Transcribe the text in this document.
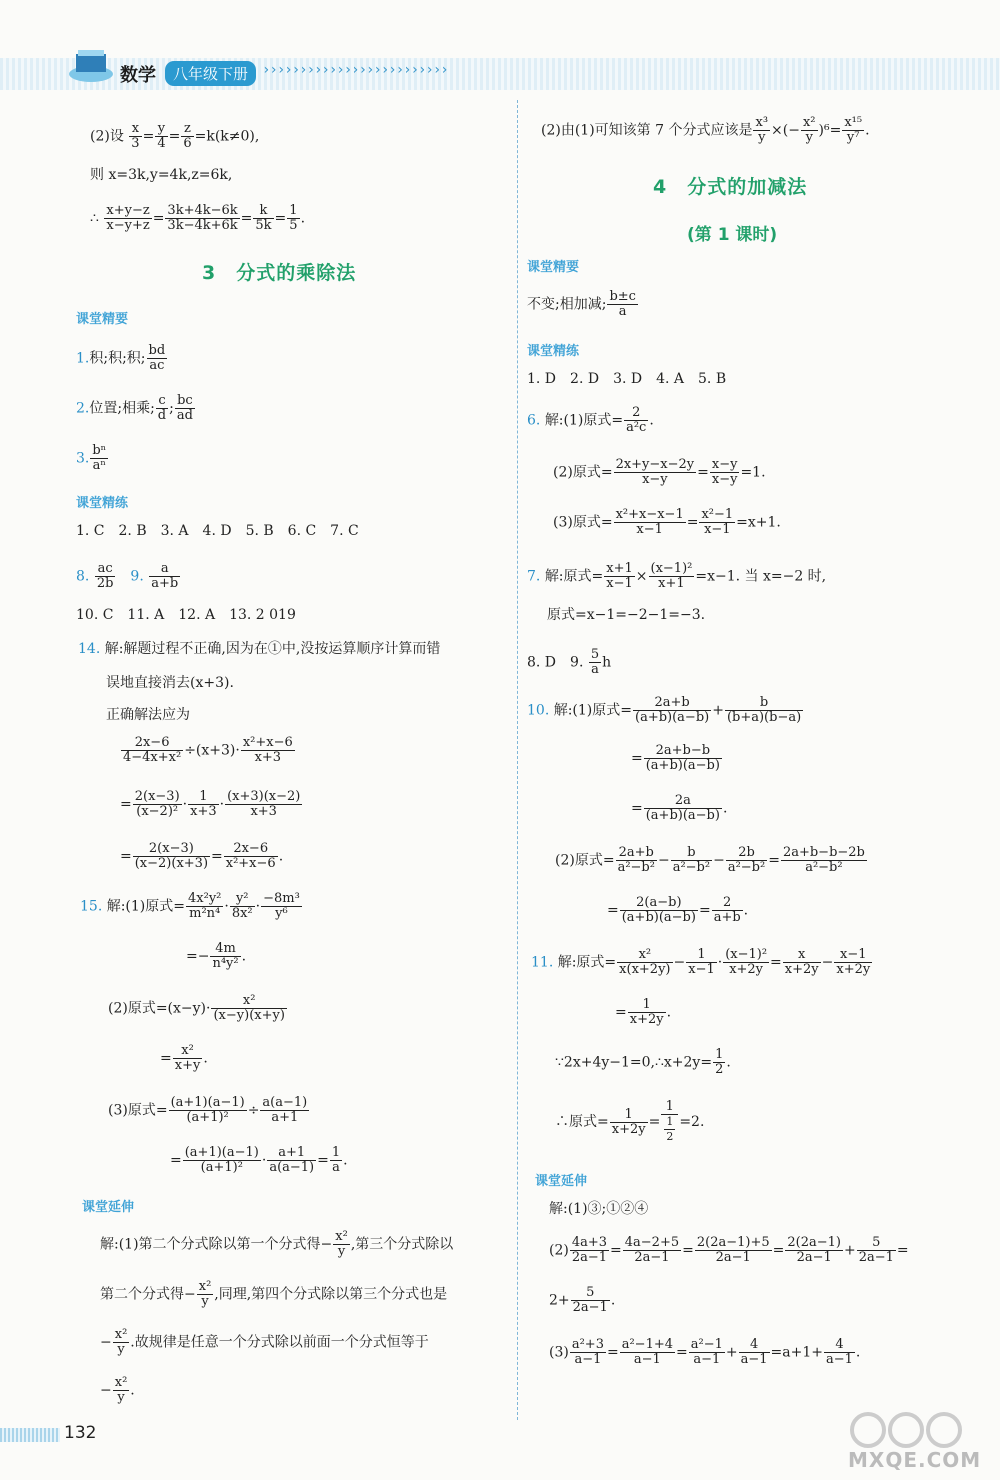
数学	八年级下册 ›››››››››››››››››››››››››
(2)设 $\frac{x}{3} = \frac{y}{4} = \frac{z}{6} =k(k\ne 0)$,
则 x=3k,y=4k,z=6k,
∴ $\frac{x+y-z}{x-y+z} = \frac{3k+4k-6k}{3k-4k+6k} = \frac{k}{5k} = \frac{1}{5}$ .
3　分式的乘除法
课堂精要
1.积;积;积; $\frac{bd}{ac}$
2.位置;相乘; $\frac{c}{d}$ ; $\frac{bc}{ad}$
3. $\frac{\text{bⁿ}}{\text{aⁿ}}$
课堂精练
1. C　2. B　3. A　4. D　5. B　6. C　7. C
8. $\frac{ac}{2b}$
　 9. $\frac{a}{a+b}$
10. C　11. A　12. A　13. 2 019
14. 解:解题过程不正确,因为在①中,没按运算顺序计算而错
误地直接消去(x+3).
正确解法应为
$\frac{2x-6}{\text{4−4x+x²}} \div(x+3)\cdot \frac{\text{x²+x−6}}{x+3}$
= $\frac{2(x-3)}{\text{(x−2)²}} \cdot \frac{1}{x+3} \cdot \frac{(x+3)(x-2)}{x+3}$
= $\frac{2(x-3)}{(x-2)(x+3)} = \frac{2x-6}{\text{x²+x−6}}$ .
15. 解:(1)原式= $\frac{\text{4x²y²}}{\text{m²n⁴}} \cdot \frac{\text{y²}}{\text{8x²}} \cdot \frac{\text{−8m³}}{\text{y⁶}}$
=− $\frac{4m}{\text{n⁴y²}}$ .
(2)原式$=(x-y)\cdot \frac{\text{x²}}{(x-y)(x+y)}$
= $\frac{\text{x²}}{x+y}$ .
(3)原式= $\frac{(a+1)(a-1)}{\text{(a+1)²}} \div \frac{a(a-1)}{a+1}$
= $\frac{(a+1)(a-1)}{\text{(a+1)²}} \cdot \frac{a+1}{a(a-1)} = \frac{1}{a}$ .
课堂延伸
解:(1)第二个分式除以第一个分式得− $\frac{\text{x²}}{y}$ ,第三个分式除以
第二个分式得− $\frac{\text{x²}}{y}$ ,同理,第四个分式除以第三个分式也是
− $\frac{\text{x²}}{y}$ .故规律是任意一个分式除以前面一个分式恒等于
− $\frac{\text{x²}}{y}$ .
(2)由(1)可知该第 7 个分式应该是 $\frac{\text{x³}}{y}$ ×(− $\frac{\text{x²}}{y} )^6= \frac{\text{x¹⁵}}{\text{y⁷}}$ .
4　分式的加减法
(第 1 课时)
课堂精要
不变;相加减; $\frac{b\pm c}{a}$
课堂精练
1. D　2. D　3. D　4. A　5. B
6. 解:(1)原式= $\frac{2}{\text{a²c}}$ .
(2)原式= $\frac{2x+y-x-2y}{x-y} = \frac{x-y}{x-y} =1$.
(3)原式= $\frac{\text{x²+x−x−1}}{x-1} = \frac{\text{x²−1}}{x-1} =x+1$.
7. 解:原式= $\frac{x+1}{x-1} \times \frac{\text{(x−1)²}}{x+1} =x-1$. 当 x=−2 时,
原式=x−1=−2−1=−3.
8. D　9. $\frac{5}{a}$ h
10. 解:(1)原式= $\frac{2a+b}{(a+b)(a-b)} + \frac{b}{(b+a)(b-a)}$
= $\frac{2a+b-b}{(a+b)(a-b)}$
= $\frac{2a}{(a+b)(a-b)}$ .
(2)原式= $\frac{2a+b}{\text{a²−b²}} - \frac{b}{\text{a²−b²}} - \frac{2b}{\text{a²−b²}} = \frac{2a+b-b-2b}{\text{a²−b²}}$
= $\frac{2(a-b)}{(a+b)(a-b)} = \frac{2}{a+b}$ .
11. 解:原式= $\frac{\text{x²}}{x(x+2y)} - \frac{1}{x-1} \cdot \frac{\text{(x−1)²}}{x+2y} = \frac{x}{x+2y} - \frac{x-1}{x+2y}$
= $\frac{1}{x+2y}$ .
∵2x+4y−1=0,∴x+2y= $\frac{1}{2}$ .
∴原式= $\frac{1}{x+2y} = \frac{1}{\frac{1}{2}} =2$.
课堂延伸
解:(1)③;①②④
$(2) \frac{4a+3}{2a-1} = \frac{4a-2+5}{2a-1} = \frac{2(2a-1)+5}{2a-1} = \frac{2(2a-1)}{2a-1} + \frac{5}{2a-1}$ =
$2+ \frac{5}{2a-1}$ .
$(3) \frac{\text{a²+3}}{a-1} = \frac{\text{a²−1+4}}{a-1} = \frac{\text{a²−1}}{a-1} + \frac{4}{a-1} =a+1+ \frac{4}{a-1}$ .
132
MXQE.COM
